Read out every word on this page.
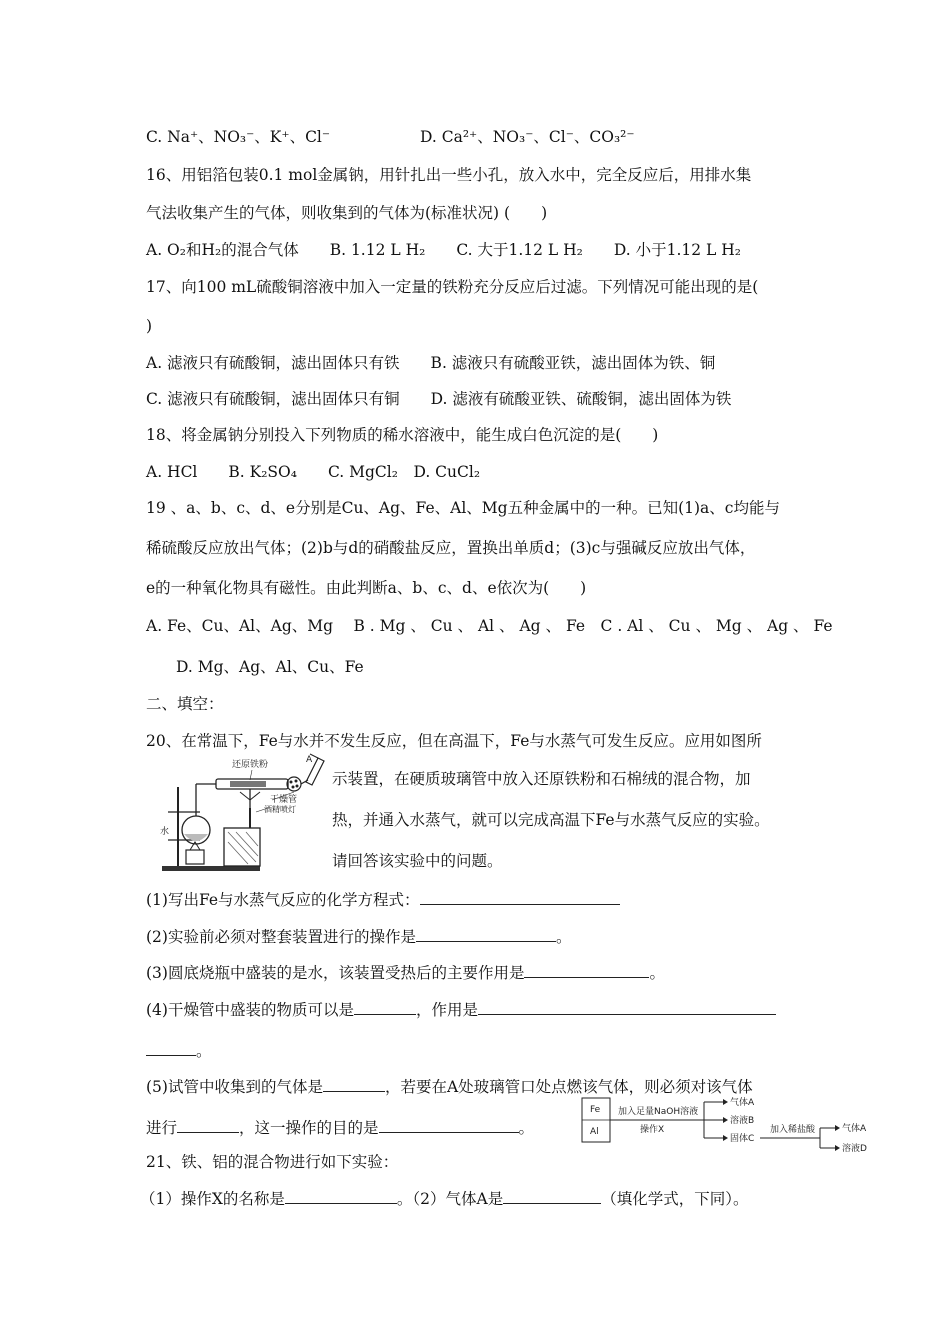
C. Na⁺、NO₃⁻、K⁺、Cl⁻	D. Ca²⁺、NO₃⁻、Cl⁻、CO₃²⁻
16、用铝箔包装0.1 mol金属钠，用针扎出一些小孔，放入水中，完全反应后，用排水集
气法收集产生的气体，则收集到的气体为(标准状况) (　　)
A. O₂和H₂的混合气体　　B. 1.12 L H₂　　C. 大于1.12 L H₂　　D. 小于1.12 L H₂
17、向100 mL硫酸铜溶液中加入一定量的铁粉充分反应后过滤。下列情况可能出现的是(
)
A. 滤液只有硫酸铜，滤出固体只有铁　　B. 滤液只有硫酸亚铁，滤出固体为铁、铜
C. 滤液只有硫酸铜，滤出固体只有铜　　D. 滤液有硫酸亚铁、硫酸铜，滤出固体为铁
18、将金属钠分别投入下列物质的稀水溶液中，能生成白色沉淀的是(　　)
A. HCl　　B. K₂SO₄　　C. MgCl₂　D. CuCl₂
19 、a、b、c、d、e分别是Cu、Ag、Fe、Al、Mg五种金属中的一种。已知(1)a、c均能与
稀硫酸反应放出气体；(2)b与d的硝酸盐反应，置换出单质d；(3)c与强碱反应放出气体，
e的一种氧化物具有磁性。由此判断a、b、c、d、e依次为(　　)
A. Fe、Cu、Al、Ag、Mg　 B . Mg 、 Cu 、 Al 、 Ag 、 Fe　C . Al 、 Cu 、 Mg 、 Ag 、 Fe
D. Mg、Ag、Al、Cu、Fe
二、填空：
20、在常温下，Fe与水并不发生反应，但在高温下，Fe与水蒸气可发生反应。应用如图所
示装置，在硬质玻璃管中放入还原铁粉和石棉绒的混合物，加
热，并通入水蒸气，就可以完成高温下Fe与水蒸气反应的实验。
请回答该实验中的问题。
还原铁粉	A
干燥管
酒精喷灯
水
(1)写出Fe与水蒸气反应的化学方程式：
(2)实验前必须对整套装置进行的操作是	。
(3)圆底烧瓶中盛装的是水，该装置受热后的主要作用是	。
(4)干燥管中盛装的物质可以是	，作用是
。
(5)试管中收集到的气体是	，若要在A处玻璃管口处点燃该气体，则必须对该气体
进行	，这一操作的目的是	。
Fe
Al
加入足量NaOH溶液
操作X
气体A
溶液B
固体C
加入稀盐酸	气体A
溶液D
21、铁、铝的混合物进行如下实验：
（1）操作X的名称是	。（2）气体A是	（填化学式，下同）。
